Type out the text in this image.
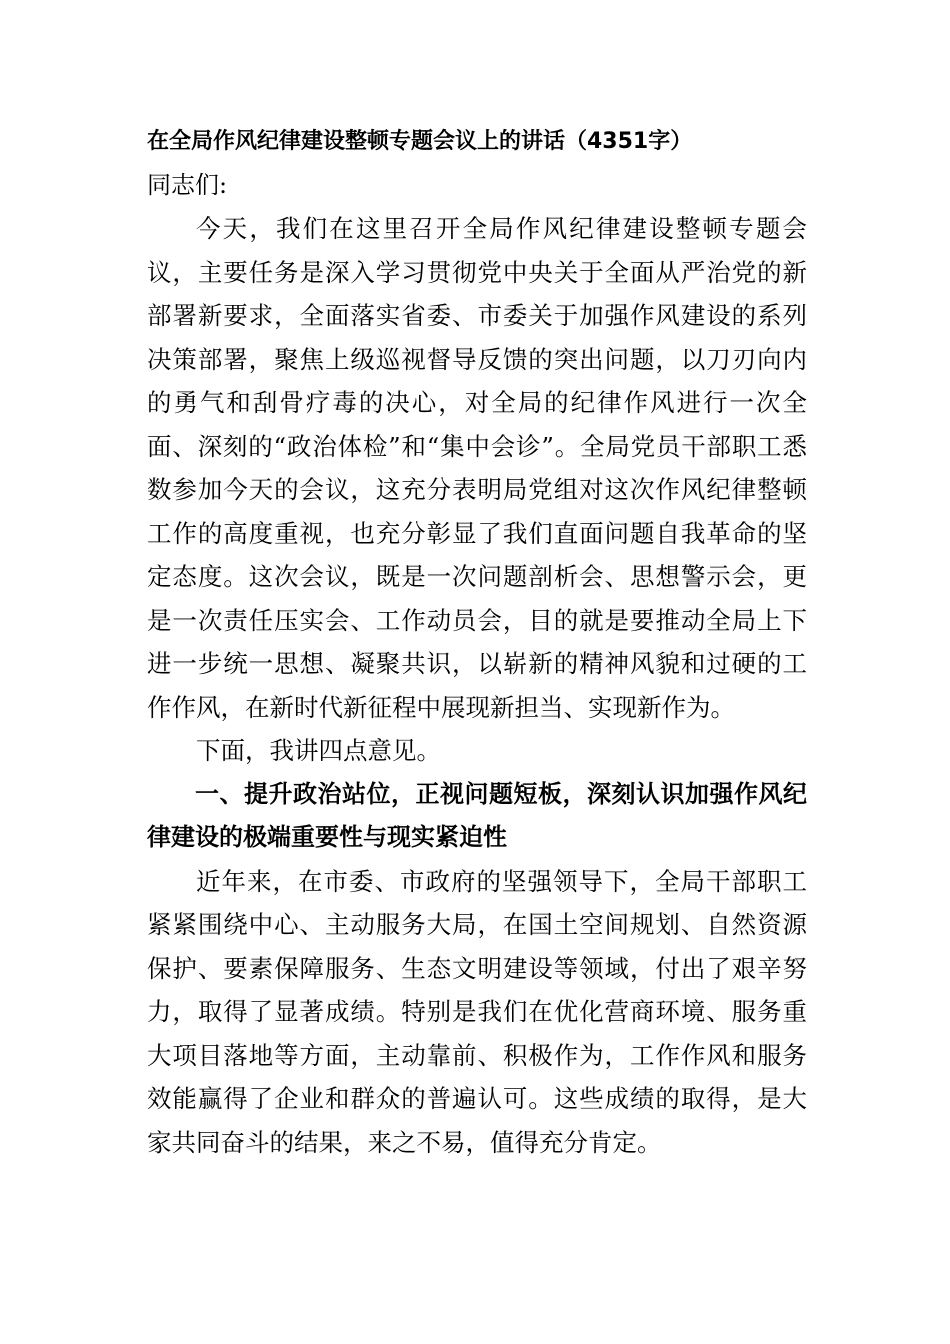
在全局作风纪律建设整顿专题会议上的讲话（4351字）

同志们:

今天，我们在这里召开全局作风纪律建设整顿专题会议，主要任务是深入学习贯彻党中央关于全面从严治党的新部署新要求，全面落实省委、市委关于加强作风建设的系列决策部署，聚焦上级巡视督导反馈的突出问题，以刀刃向内的勇气和刮骨疗毒的决心，对全局的纪律作风进行一次全面、深刻的“政治体检”和“集中会诊”。全局党员干部职工悉数参加今天的会议，这充分表明局党组对这次作风纪律整顿工作的高度重视，也充分彰显了我们直面问题自我革命的坚定态度。这次会议，既是一次问题剖析会、思想警示会，更是一次责任压实会、工作动员会，目的就是要推动全局上下进一步统一思想、凝聚共识，以崭新的精神风貌和过硬的工作作风，在新时代新征程中展现新担当、实现新作为。

下面，我讲四点意见。

一、提升政治站位，正视问题短板，深刻认识加强作风纪律建设的极端重要性与现实紧迫性

近年来，在市委、市政府的坚强领导下，全局干部职工紧紧围绕中心、主动服务大局，在国土空间规划、自然资源保护、要素保障服务、生态文明建设等领域，付出了艰辛努力，取得了显著成绩。特别是我们在优化营商环境、服务重大项目落地等方面，主动靠前、积极作为，工作作风和服务效能赢得了企业和群众的普遍认可。这些成绩的取得，是大家共同奋斗的结果，来之不易，值得充分肯定。
